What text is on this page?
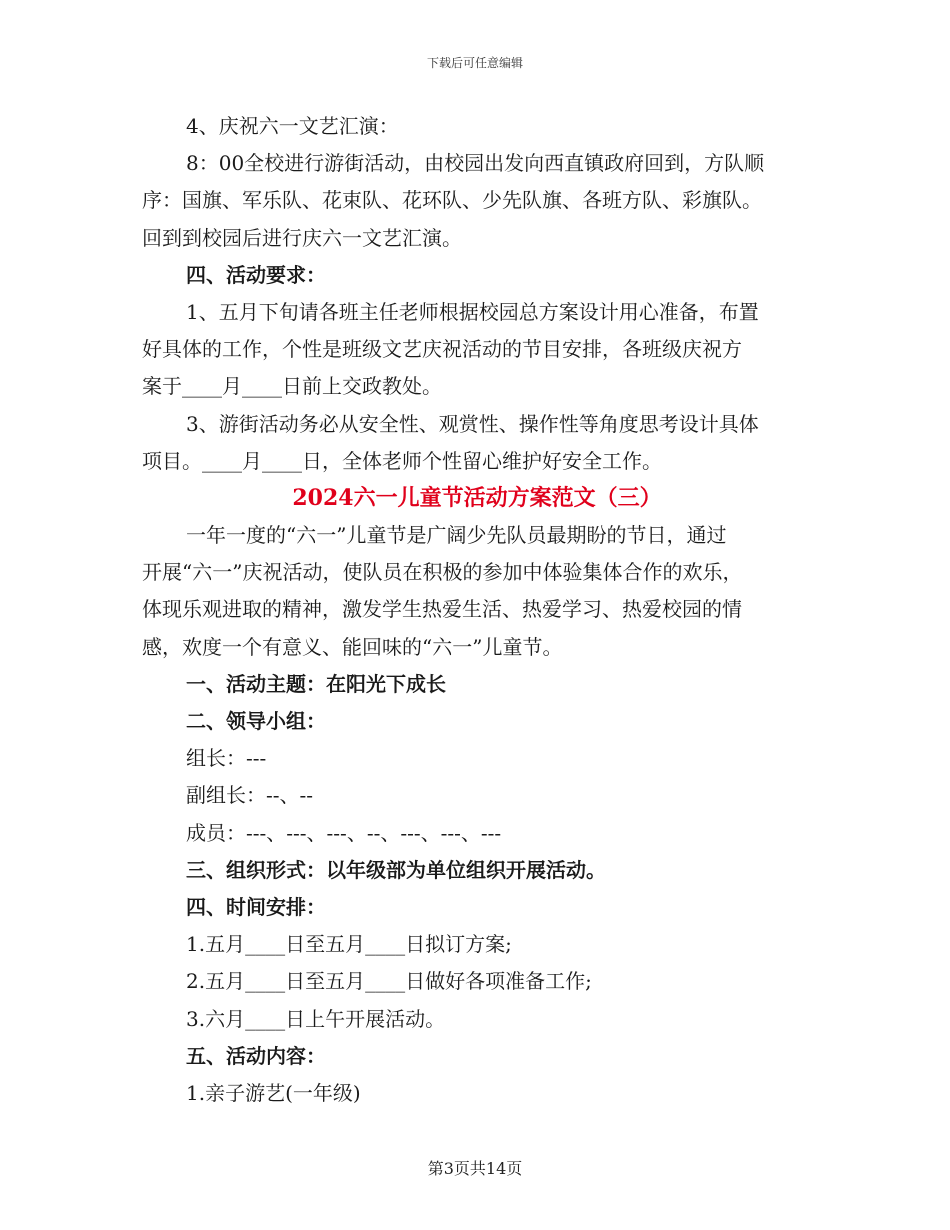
下载后可任意编辑
4、庆祝六一文艺汇演：
8：00全校进行游街活动，由校园出发向西直镇政府回到，方队顺
序：国旗、军乐队、花束队、花环队、少先队旗、各班方队、彩旗队。
回到到校园后进行庆六一文艺汇演。
四、活动要求：
1、五月下旬请各班主任老师根据校园总方案设计用心准备，布置
好具体的工作，个性是班级文艺庆祝活动的节目安排，各班级庆祝方
案于____月____日前上交政教处。
3、游街活动务必从安全性、观赏性、操作性等角度思考设计具体
项目。____月____日，全体老师个性留心维护好安全工作。
2024六一儿童节活动方案范文（三）
一年一度的“六一”儿童节是广阔少先队员最期盼的节日，通过
开展“六一”庆祝活动，使队员在积极的参加中体验集体合作的欢乐，
体现乐观进取的精神，激发学生热爱生活、热爱学习、热爱校园的情
感，欢度一个有意义、能回味的“六一”儿童节。
一、活动主题：在阳光下成长
二、领导小组：
组长：---
副组长：--、--
成员：---、---、---、--、---、---、---
三、组织形式：以年级部为单位组织开展活动。
四、时间安排：
1.五月____日至五月____日拟订方案;
2.五月____日至五月____日做好各项准备工作;
3.六月____日上午开展活动。
五、活动内容：
1.亲子游艺(一年级)
第3页共14页
